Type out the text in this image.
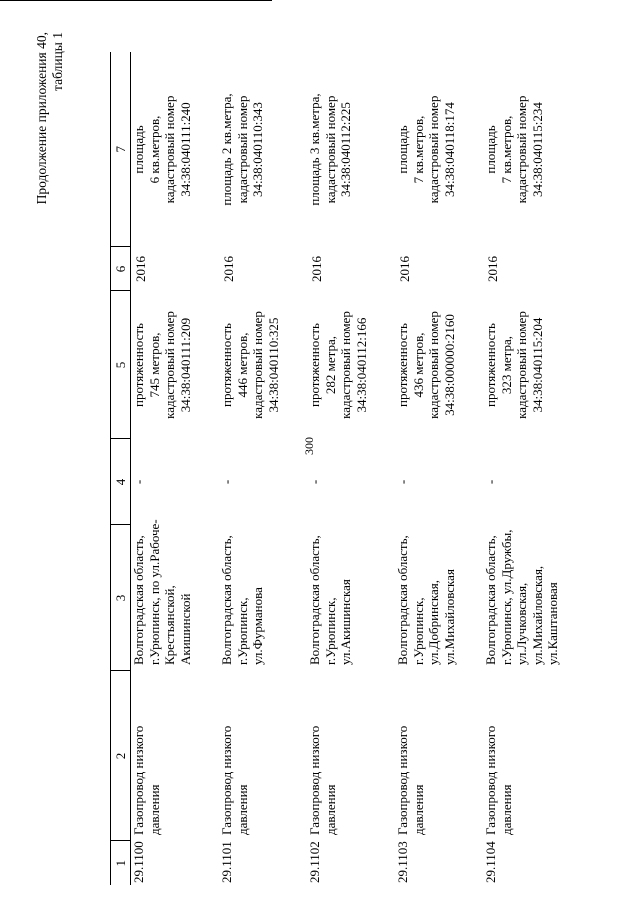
300
Продолжение приложения 40, таблицы 1
1	2	3	4	5	6	7
29.1100	Газопровод низкого давления	Волгоградская область, г.Урюпинск, по ул.Рабоче- Крестьянской, Акишинской	-	протяженность 745 метров, кадастровый номер 34:38:040111:209	2016	площадь 6 кв.метров, кадастровый номер 34:38:040111:240

29.1101	Газопровод низкого давления	Волгоградская область, г.Урюпинск, ул.Фурманова	-	протяженность 446 метров, кадастровый номер 34:38:040110:325	2016	площадь 2 кв.метра, кадастровый номер 34:38:040110:343

29.1102	Газопровод низкого давления	Волгоградская область, г.Урюпинск, ул.Акишинская	-	протяженность 282 метра, кадастровый номер 34:38:040112:166	2016	площадь 3 кв.метра, кадастровый номер 34:38:040112:225

29.1103	Газопровод низкого давления	Волгоградская область, г.Урюпинск, ул.Добринская, ул.Михайловская	-	протяженность 436 метров, кадастровый номер 34:38:000000:2160	2016	площадь 7 кв.метров, кадастровый номер 34:38:040118:174

29.1104	Газопровод низкого давления	Волгоградская область, г.Урюпинск, ул.Дружбы, ул.Лучковская, ул.Михайловская, ул.Каштановая	-	протяженность 323 метра, кадастровый номер 34:38:040115:204	2016	площадь 7 кв.метров, кадастровый номер 34:38:040115:234
